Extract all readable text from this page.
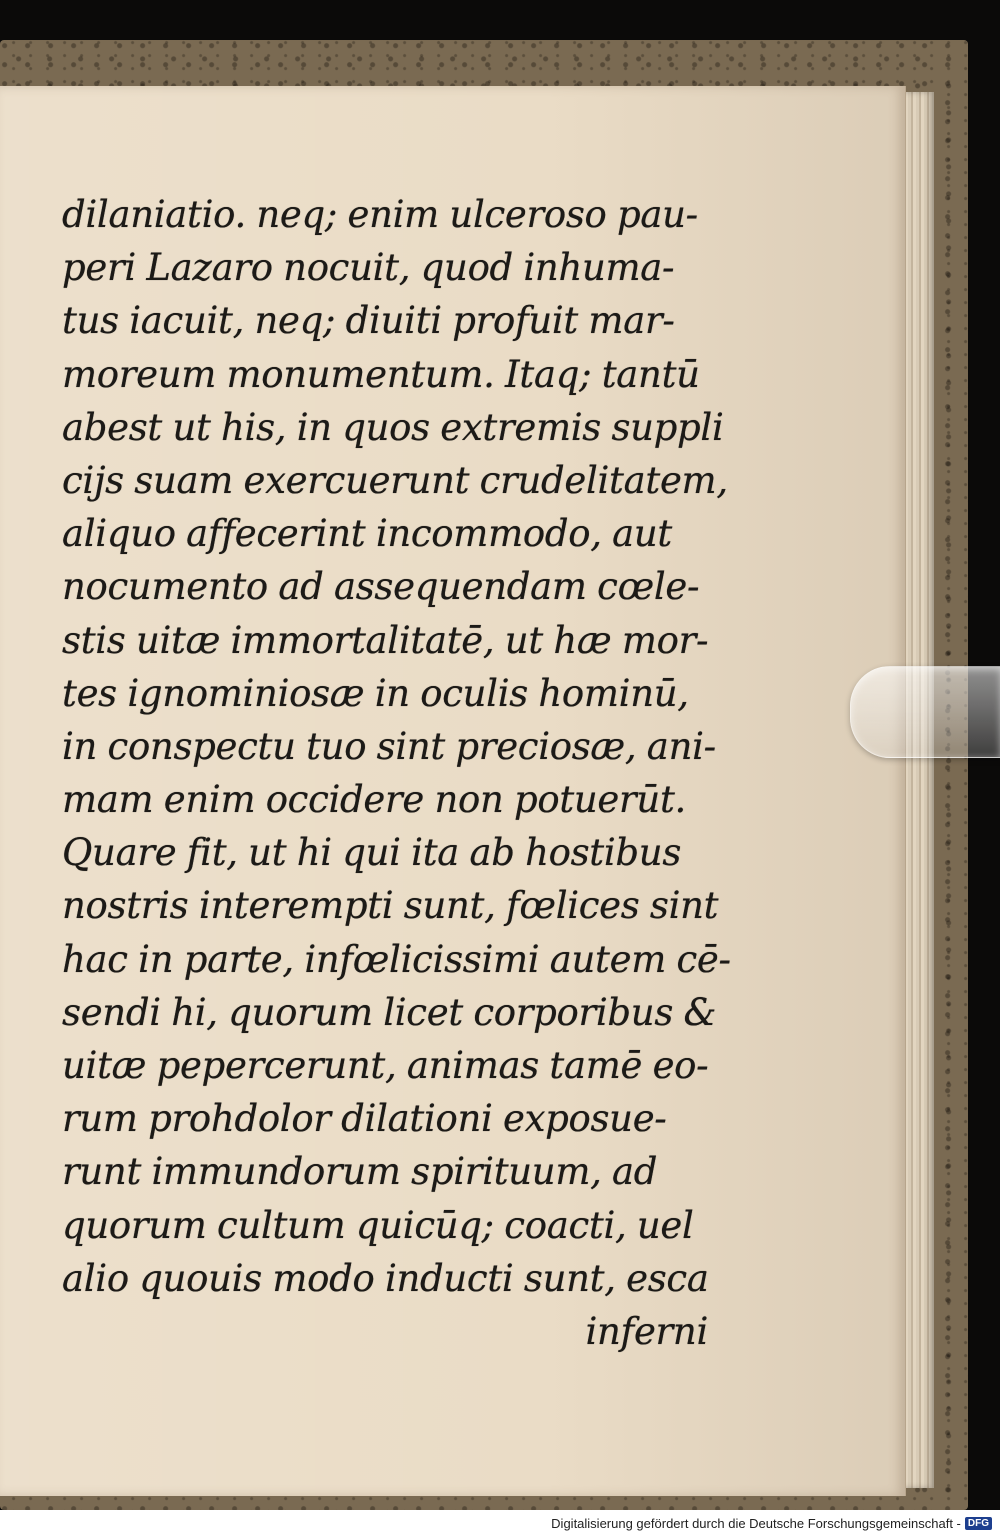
dilaniatio. neq; enim ulceroso pau-
peri Lazaro nocuit, quod inhuma-
tus iacuit, neq; diuiti profuit mar-
moreum monumentum. Itaq; tantū
abest ut his, in quos extremis suppli
cijs suam exercuerunt crudelitatem,
aliquo affecerint incommodo, aut
nocumento ad assequendam cœle-
stis uitæ immortalitatē, ut hæ mor-
tes ignominiosæ in oculis hominū,
in conspectu tuo sint preciosæ, ani-
mam enim occidere non potuerūt.
Quare fit, ut hi qui ita ab hostibus
nostris interempti sunt, fœlices sint
hac in parte, infœlicissimi autem cē-
sendi hi, quorum licet corporibus &
uitæ pepercerunt, animas tamē eo-
rum prohdolor dilationi exposue-
runt immundorum spirituum, ad
quorum cultum quicūq; coacti, uel
alio quouis modo inducti sunt, esca
inferni
Digitalisierung gefördert durch die Deutsche Forschungsgemeinschaft - DFG
